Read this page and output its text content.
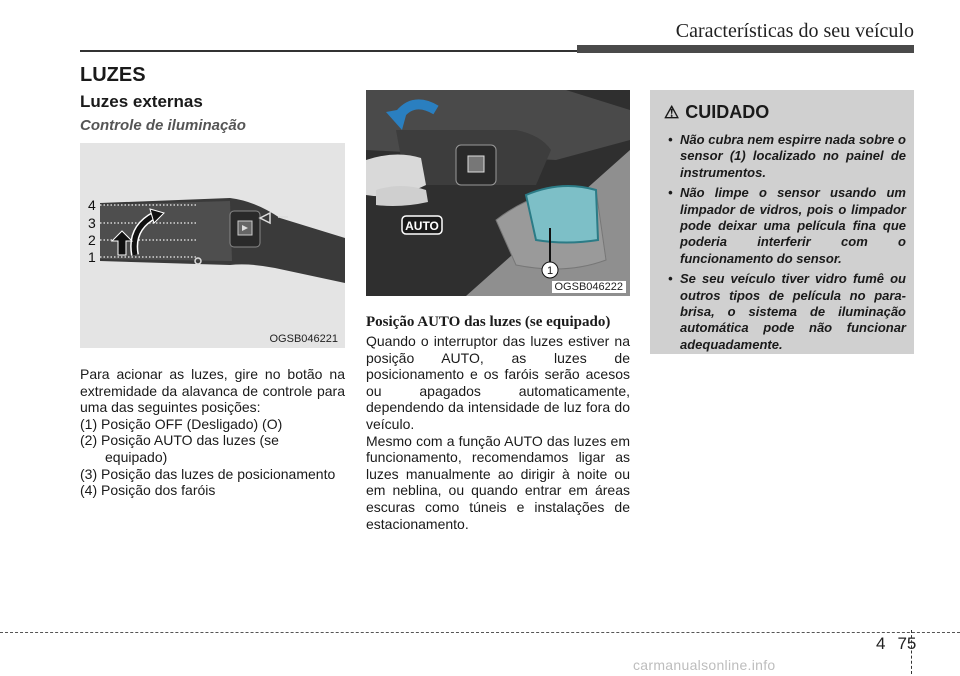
Características do seu veículo
LUZES
Luzes externas
Controle de iluminação
4
3
2
1
OGSB046221
AUTO
1
OGSB046222
Para acionar as luzes, gire no botão na extremidade da alavanca de controle para uma das seguintes posições:
(1) Posição OFF (Desligado) (O)
(2) Posição AUTO das luzes (se equipado)
(3) Posição das luzes de posicionamento
(4) Posição dos faróis
Posição AUTO das luzes (se equipado)
Quando o interruptor das luzes estiver na posição AUTO, as luzes de posicionamento e os faróis serão acesos ou apagados automaticamente, dependendo da intensidade de luz fora do veículo.
Mesmo com a função AUTO das luzes em funcionamento, recomendamos ligar as luzes manualmente ao dirigir à noite ou em neblina, ou quando entrar em áreas escuras como túneis e instalações de estacionamento.
⚠ CUIDADO
• Não cubra nem espirre nada sobre o sensor (1) localizado no painel de instrumentos.
• Não limpe o sensor usando um limpador de vidros, pois o limpador pode deixar uma película fina que poderia interferir com o funcionamento do sensor.
• Se seu veículo tiver vidro fumê ou outros tipos de película no para-brisa, o sistema de iluminação automática pode não funcionar adequadamente.
4 75
carmanualsonline.info
